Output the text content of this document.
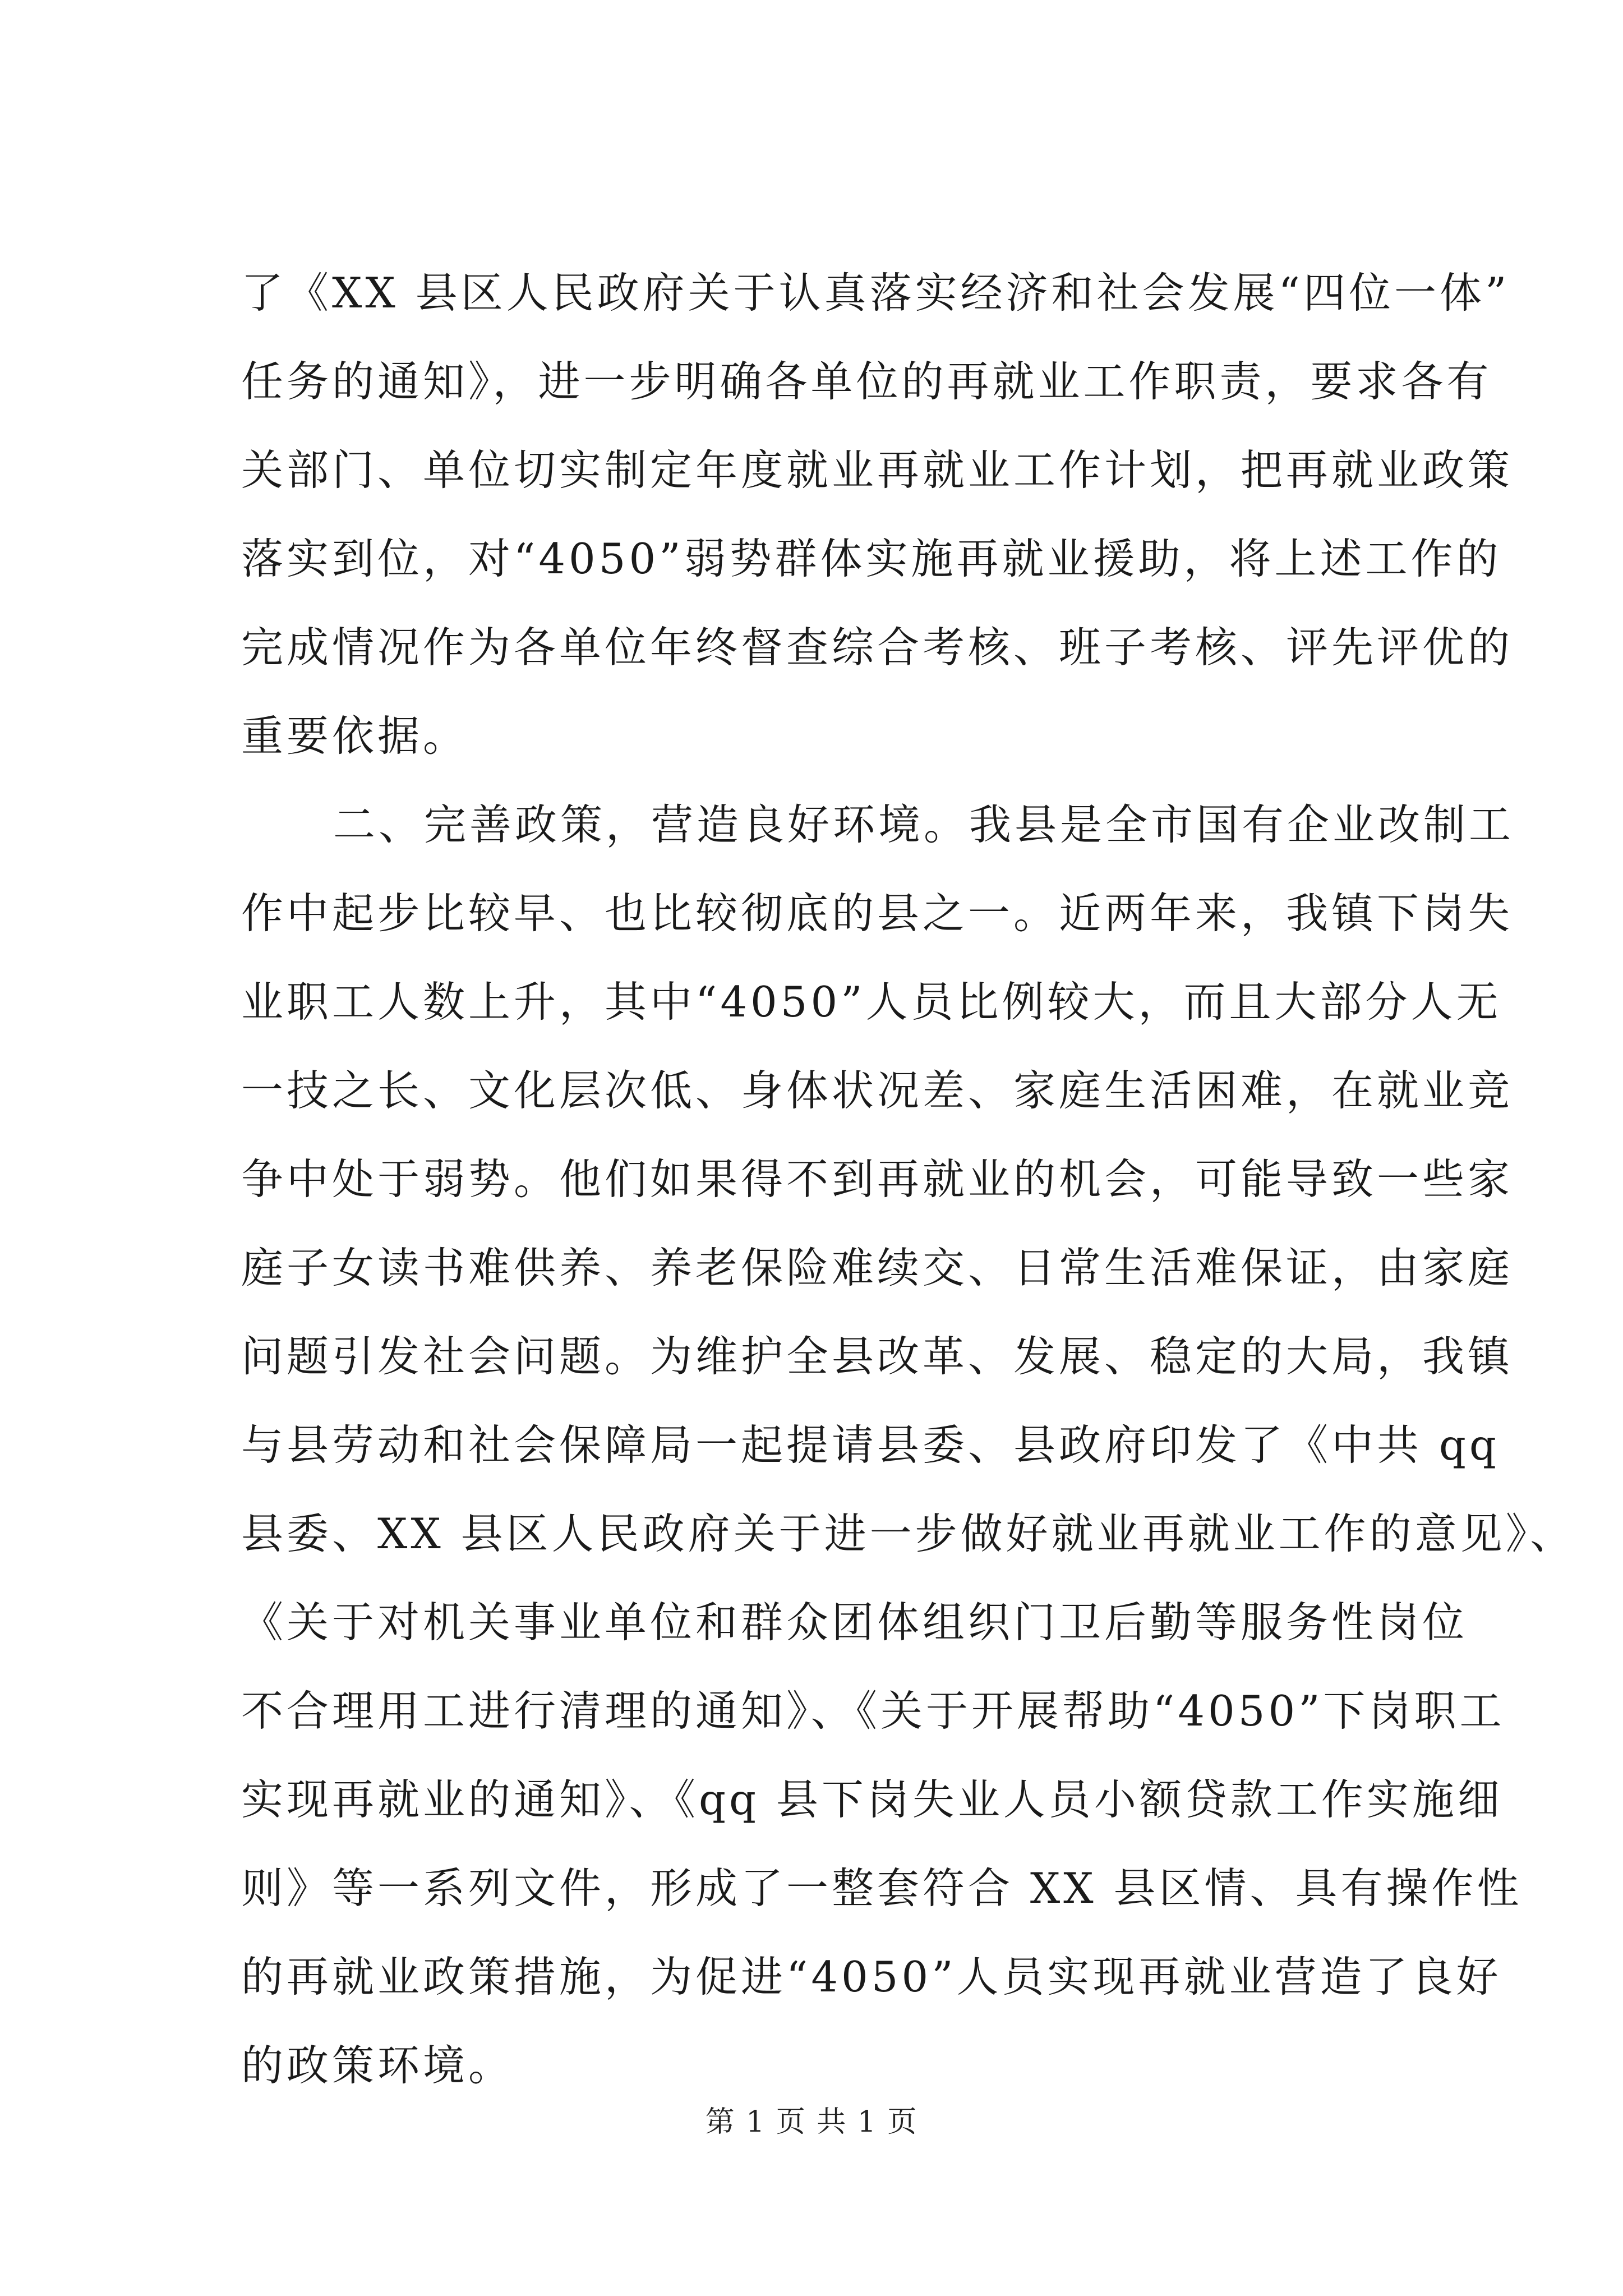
了《XX 县区人民政府关于认真落实经济和社会发展“四位一体”
任务的通知》，进一步明确各单位的再就业工作职责，要求各有
关部门、单位切实制定年度就业再就业工作计划，把再就业政策
落实到位，对“4050”弱势群体实施再就业援助，将上述工作的
完成情况作为各单位年终督查综合考核、班子考核、评先评优的
重要依据。
二、完善政策，营造良好环境。我县是全市国有企业改制工
作中起步比较早、也比较彻底的县之一。近两年来，我镇下岗失
业职工人数上升，其中“4050”人员比例较大，而且大部分人无
一技之长、文化层次低、身体状况差、家庭生活困难，在就业竞
争中处于弱势。他们如果得不到再就业的机会，可能导致一些家
庭子女读书难供养、养老保险难续交、日常生活难保证，由家庭
问题引发社会问题。为维护全县改革、发展、稳定的大局，我镇
与县劳动和社会保障局一起提请县委、县政府印发了《中共 qq
县委、XX 县区人民政府关于进一步做好就业再就业工作的意见》、
《关于对机关事业单位和群众团体组织门卫后勤等服务性岗位
不合理用工进行清理的通知》、《关于开展帮助“4050”下岗职工
实现再就业的通知》、《qq 县下岗失业人员小额贷款工作实施细
则》等一系列文件，形成了一整套符合 XX 县区情、具有操作性
的再就业政策措施，为促进“4050”人员实现再就业营造了良好
的政策环境。
第 1 页 共 1 页
